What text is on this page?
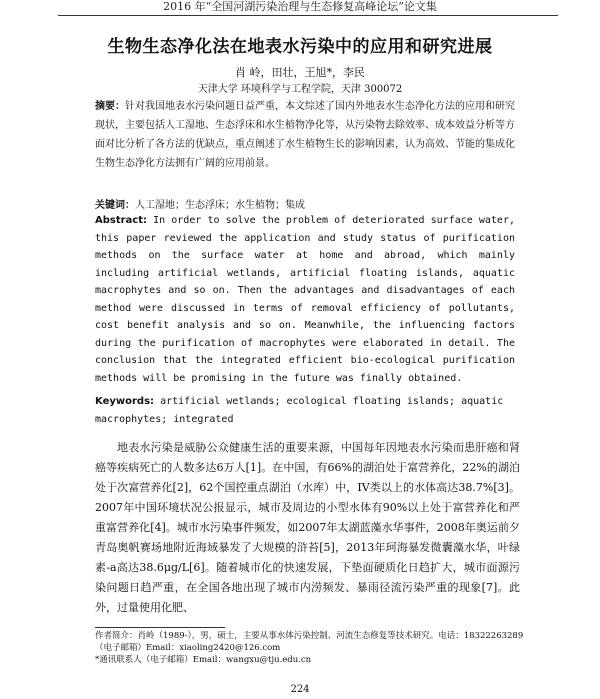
2016 年“全国河湖污染治理与生态修复高峰论坛”论文集
生物生态净化法在地表水污染中的应用和研究进展
肖 岭，田壮，王旭*，李民
天津大学 环境科学与工程学院，天津 300072
摘要：针对我国地表水污染问题日益严重，本文综述了国内外地表水生态净化方法的应用和研究现状，主要包括人工湿地、生态浮床和水生植物净化等，从污染物去除效率、成本效益分析等方面对比分析了各方法的优缺点，重点阐述了水生植物生长的影响因素，认为高效、节能的集成化生物生态净化方法拥有广阔的应用前景。
关键词：人工湿地；生态浮床；水生植物；集成
Abstract: In order to solve the problem of deteriorated surface water, this paper reviewed the application and study status of purification methods on the surface water at home and abroad, which mainly including artificial wetlands, artificial floating islands, aquatic macrophytes and so on. Then the advantages and disadvantages of each method were discussed in terms of removal efficiency of pollutants, cost benefit analysis and so on. Meanwhile, the influencing factors during the purification of macrophytes were elaborated in detail. The conclusion that the integrated efficient bio-ecological purification methods will be promising in the future was finally obtained.
Keywords: artificial wetlands; ecological floating islands; aquatic macrophytes; integrated
地表水污染是威胁公众健康生活的重要来源，中国每年因地表水污染而患肝癌和肾癌等疾病死亡的人数多达6万人[1]。在中国，有66%的湖泊处于富营养化，22%的湖泊处于次富营养化[2]，62个国控重点湖泊（水库）中，IV类以上的水体高达38.7%[3]。2007年中国环境状况公报显示，城市及周边的小型水体有90%以上处于富营养化和严重富营养化[4]。城市水污染事件频发，如2007年太湖蓝藻水华事件，2008年奥运前夕青岛奥帆赛场地附近海域暴发了大规模的浒苔[5]，2013年珂海暴发微囊藻水华，叶绿素-a高达38.6μg/L[6]。随着城市化的快速发展，下垫面硬质化日趋扩大，城市面源污染问题日趋严重，在全国各地出现了城市内涝频发、暴雨径流污染严重的现象[7]。此外，过量使用化肥、
作者简介：肖岭（1989-），男，硕士，主要从事水体污染控制、河流生态修复等技术研究。电话：18322263289
（电子邮箱）Email：xiaoling2420@126.com
*通讯联系人（电子邮箱）Email：wangxu@tju.edu.cn
224
